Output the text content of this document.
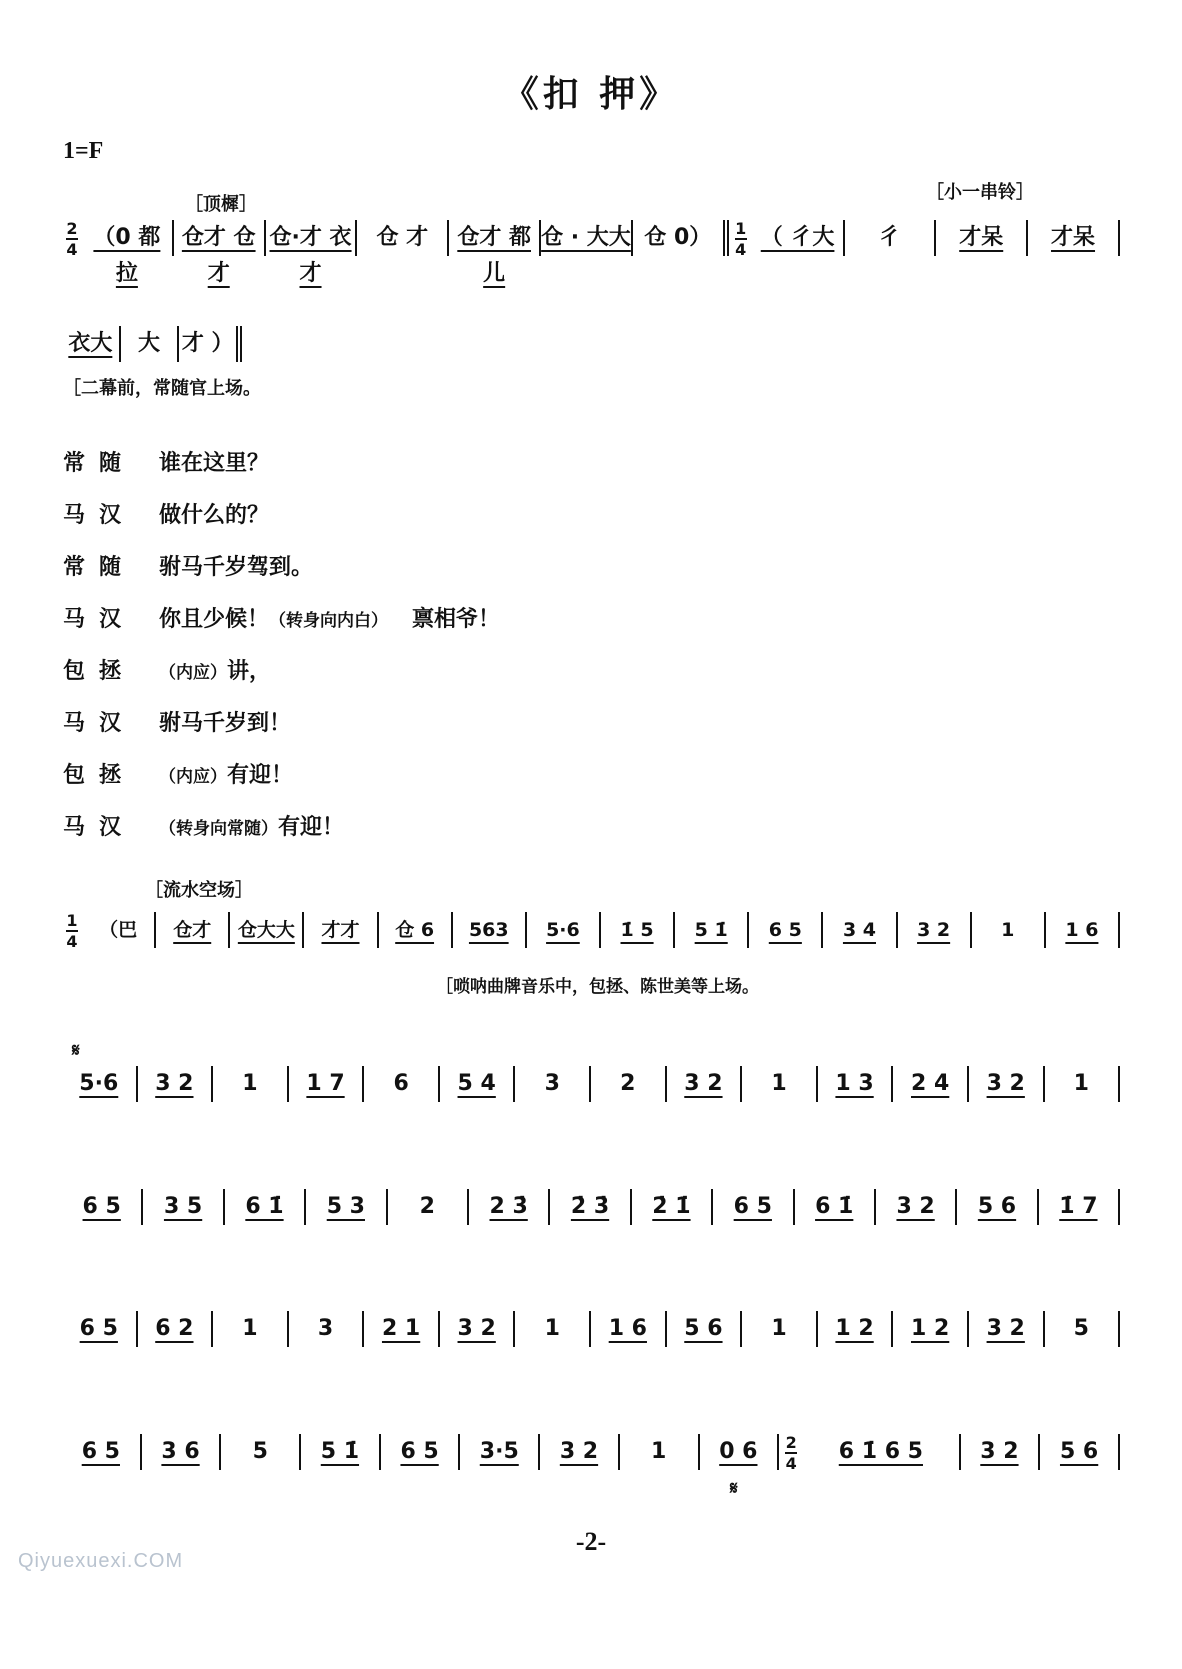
《扣 押》
1=F
［顶樨］
［小一串铃］
$\frac{2}{4} (0$ 都 拉
仓才 仓才
仓·才 衣才
仓 才	仓才 都儿
仓 · 大大 仓 0）	$\frac{1}{4}$ （ 彳大	彳	才呆	才呆
衣大	大 才 ）
［二幕前，常随官上场。
常随 谁在这里？
马汉 做什么的？
常随 驸马千岁驾到。
马汉 你且少候！（转身向内白） 禀相爷！
包拯 （内应）讲，
马汉 驸马千岁到！
包拯 （内应）有迎！
马汉 （转身向常随）有迎！
［流水空场］
$\frac{1}{4}$	（巴	仓才	仓大大	才才	仓 6	563	5·6	1̇ 5	5 1̇	6 5	3 4	3 2	1	1 6
［唢呐曲牌音乐中，包拯、陈世美等上场。
𝄋
5·6	3 2	1	1 7	6	5 4	3	2	3 2	1	1 3	2 4	3 2	1
6 5	3 5	6 1̇	5 3	2	2 3̇	2̇ 3̇	2̇ 1̇	6 5	6 1̇	3 2	5 6	1̇ 7
6 5	6 2	1	3	2 1	3 2	1	1 6	5 6	1	1 2	1 2	3 2	5
6 5	3 6	5	5 1̇	6 5	3·5	3 2	1	0 6	$\frac{2}{4}$	6 1̇ 6 5	3 2	5 6
𝄋
-2-
Qiyuexuexi.COM
